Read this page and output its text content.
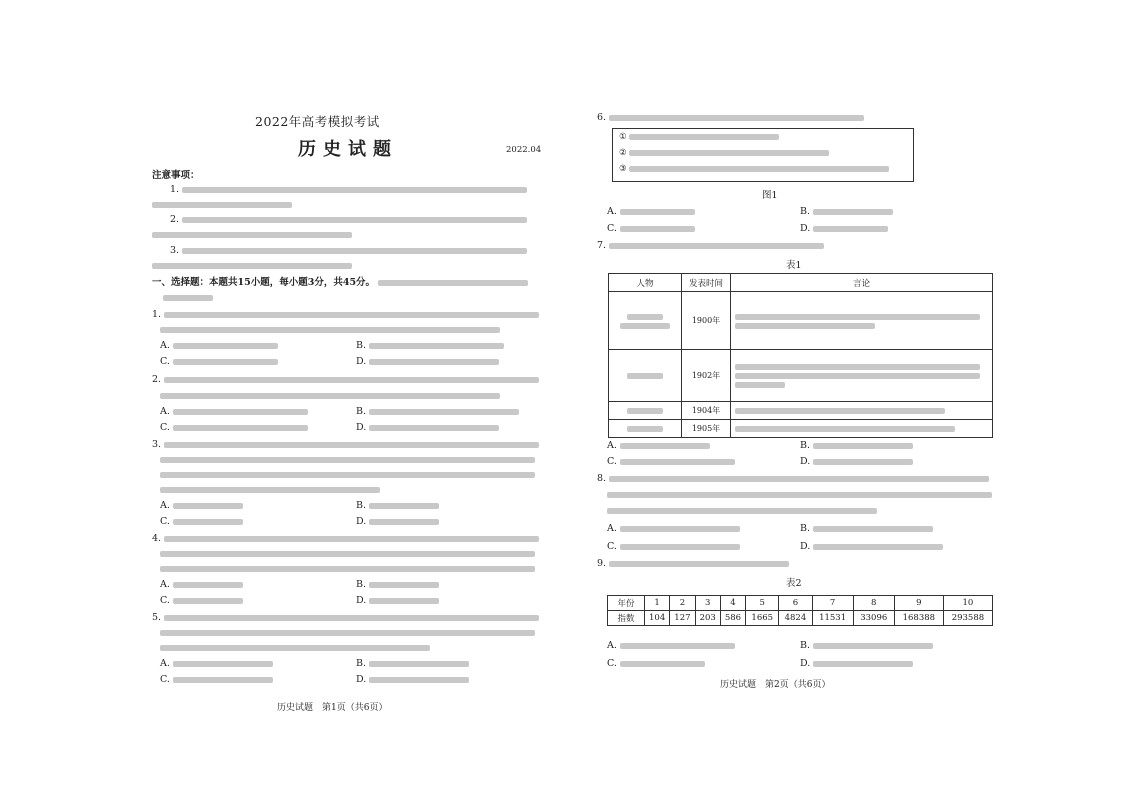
2022年高考模拟考试
历史试题	2022.04
注意事项：
1.
2.
3.
一、选择题：本题共15小题，每小题3分，共45分。
1.
A.	B.
C.	D.
2.
A.	B.
C.	D.
3.
A.	B.
C.	D.
4.
A.	B.
C.	D.
5.
A.	B.
C.	D.
历史试题　第1页（共6页）
6.
①
②
③
图1
A.	B.
C.	D.
7.
表1
人物	发表时间	言论

	1900年	

	1902年	

	1904年	
	1905年	
A.	B.
C.	D.
8.
A.	B.
C.	D.
9.
表2
年份	1	2	3	4	5	6	7	8	9	10
指数	104	127	203	586	1665	4824	11531	33096	168388	293588
A.	B.
C.	D.
历史试题　第2页（共6页）
